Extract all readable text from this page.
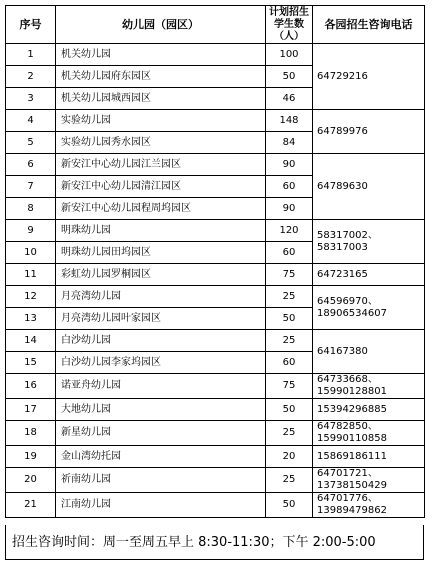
序号	幼儿园（园区）	计划招生学生数（人）	各园招生咨询电话
1	机关幼儿园	100	64729216
2	机关幼儿园府东园区	50	
3	机关幼儿园城西园区	46	
4	实验幼儿园	148	64789976
5	实验幼儿园秀水园区	84	
6	新安江中心幼儿园江兰园区	90	64789630
7	新安江中心幼儿园清江园区	60	
8	新安江中心幼儿园程周坞园区	90	
9	明珠幼儿园	120	58317002、58317003
10	明珠幼儿园田坞园区	60	
11	彩虹幼儿园罗桐园区	75	64723165
12	月亮湾幼儿园	25	64596970、18906534607
13	月亮湾幼儿园叶家园区	50	
14	白沙幼儿园	25	64167380
15	白沙幼儿园李家坞园区	60	
16	诺亚舟幼儿园	75	64733668、15990128801
17	大地幼儿园	50	15394296885
18	新星幼儿园	25	64782850、15990110858
19	金山湾幼托园	20	15869186111
20	祈南幼儿园	25	64701721、13738150429
21	江南幼儿园	50	64701776、13989479862
招生咨询时间：周一至周五早上 8:30-11:30；下午 2:00-5:00
